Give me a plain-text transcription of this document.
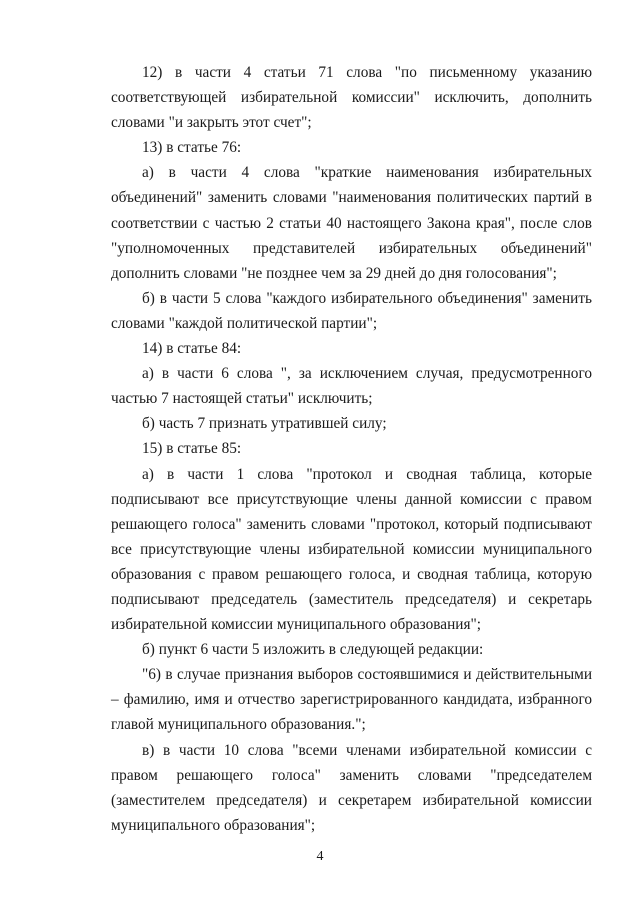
12) в части 4 статьи 71 слова "по письменному указанию соответствующей избирательной комиссии" исключить, дополнить словами "и закрыть этот счет";

13) в статье 76:

а) в части 4 слова "краткие наименования избирательных объединений" заменить словами "наименования политических партий в соответствии с частью 2 статьи 40 настоящего Закона края", после слов "уполномоченных представителей избирательных объединений" дополнить словами "не позднее чем за 29 дней до дня голосования";

б) в части 5 слова "каждого избирательного объединения" заменить словами "каждой политической партии";

14) в статье 84:

а) в части 6 слова ", за исключением случая, предусмотренного частью 7 настоящей статьи" исключить;

б) часть 7 признать утратившей силу;

15) в статье 85:

а) в части 1 слова "протокол и сводная таблица, которые подписывают все присутствующие члены данной комиссии с правом решающего голоса" заменить словами "протокол, который подписывают все присутствующие члены избирательной комиссии муниципального образования с правом решающего голоса, и сводная таблица, которую подписывают председатель (заместитель председателя) и секретарь избирательной комиссии муниципального образования";

б) пункт 6 части 5 изложить в следующей редакции:

"6) в случае признания выборов состоявшимися и действительными – фамилию, имя и отчество зарегистрированного кандидата, избранного главой муниципального образования.";

в) в части 10 слова "всеми членами избирательной комиссии с правом решающего голоса" заменить словами "председателем (заместителем председателя) и секретарем избирательной комиссии муниципального образования";

4
